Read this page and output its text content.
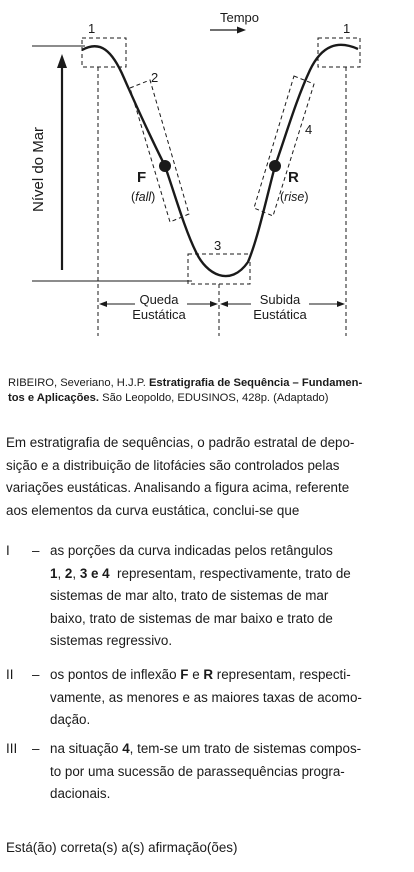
Tempo
Nível do Mar
1
2
3
4
1
F
(fall)
R
(rise)
Queda
Eustática
Subida
Eustática
RIBEIRO, Severiano, H.J.P. Estratigrafia de Sequência – Fundamen-
tos e Aplicações. São Leopoldo, EDUSINOS, 428p. (Adaptado)
Em estratigrafia de sequências, o padrão estratal de depo-
sição e a distribuição de litofácies são controlados pelas
variações eustáticas. Analisando a figura acima, referente
aos elementos da curva eustática, conclui-se que
I – as porções da curva indicadas pelos retângulos
1, 2, 3 e 4  representam, respectivamente, trato de
sistemas de mar alto, trato de sistemas de mar
baixo, trato de sistemas de mar baixo e trato de
sistemas regressivo.
II – os pontos de inflexão F e R representam, respecti-
vamente, as menores e as maiores taxas de acomo-
dação.
III – na situação 4, tem-se um trato de sistemas compos-
to por uma sucessão de parassequências progra-
dacionais.
Está(ão) correta(s) a(s) afirmação(ões)
